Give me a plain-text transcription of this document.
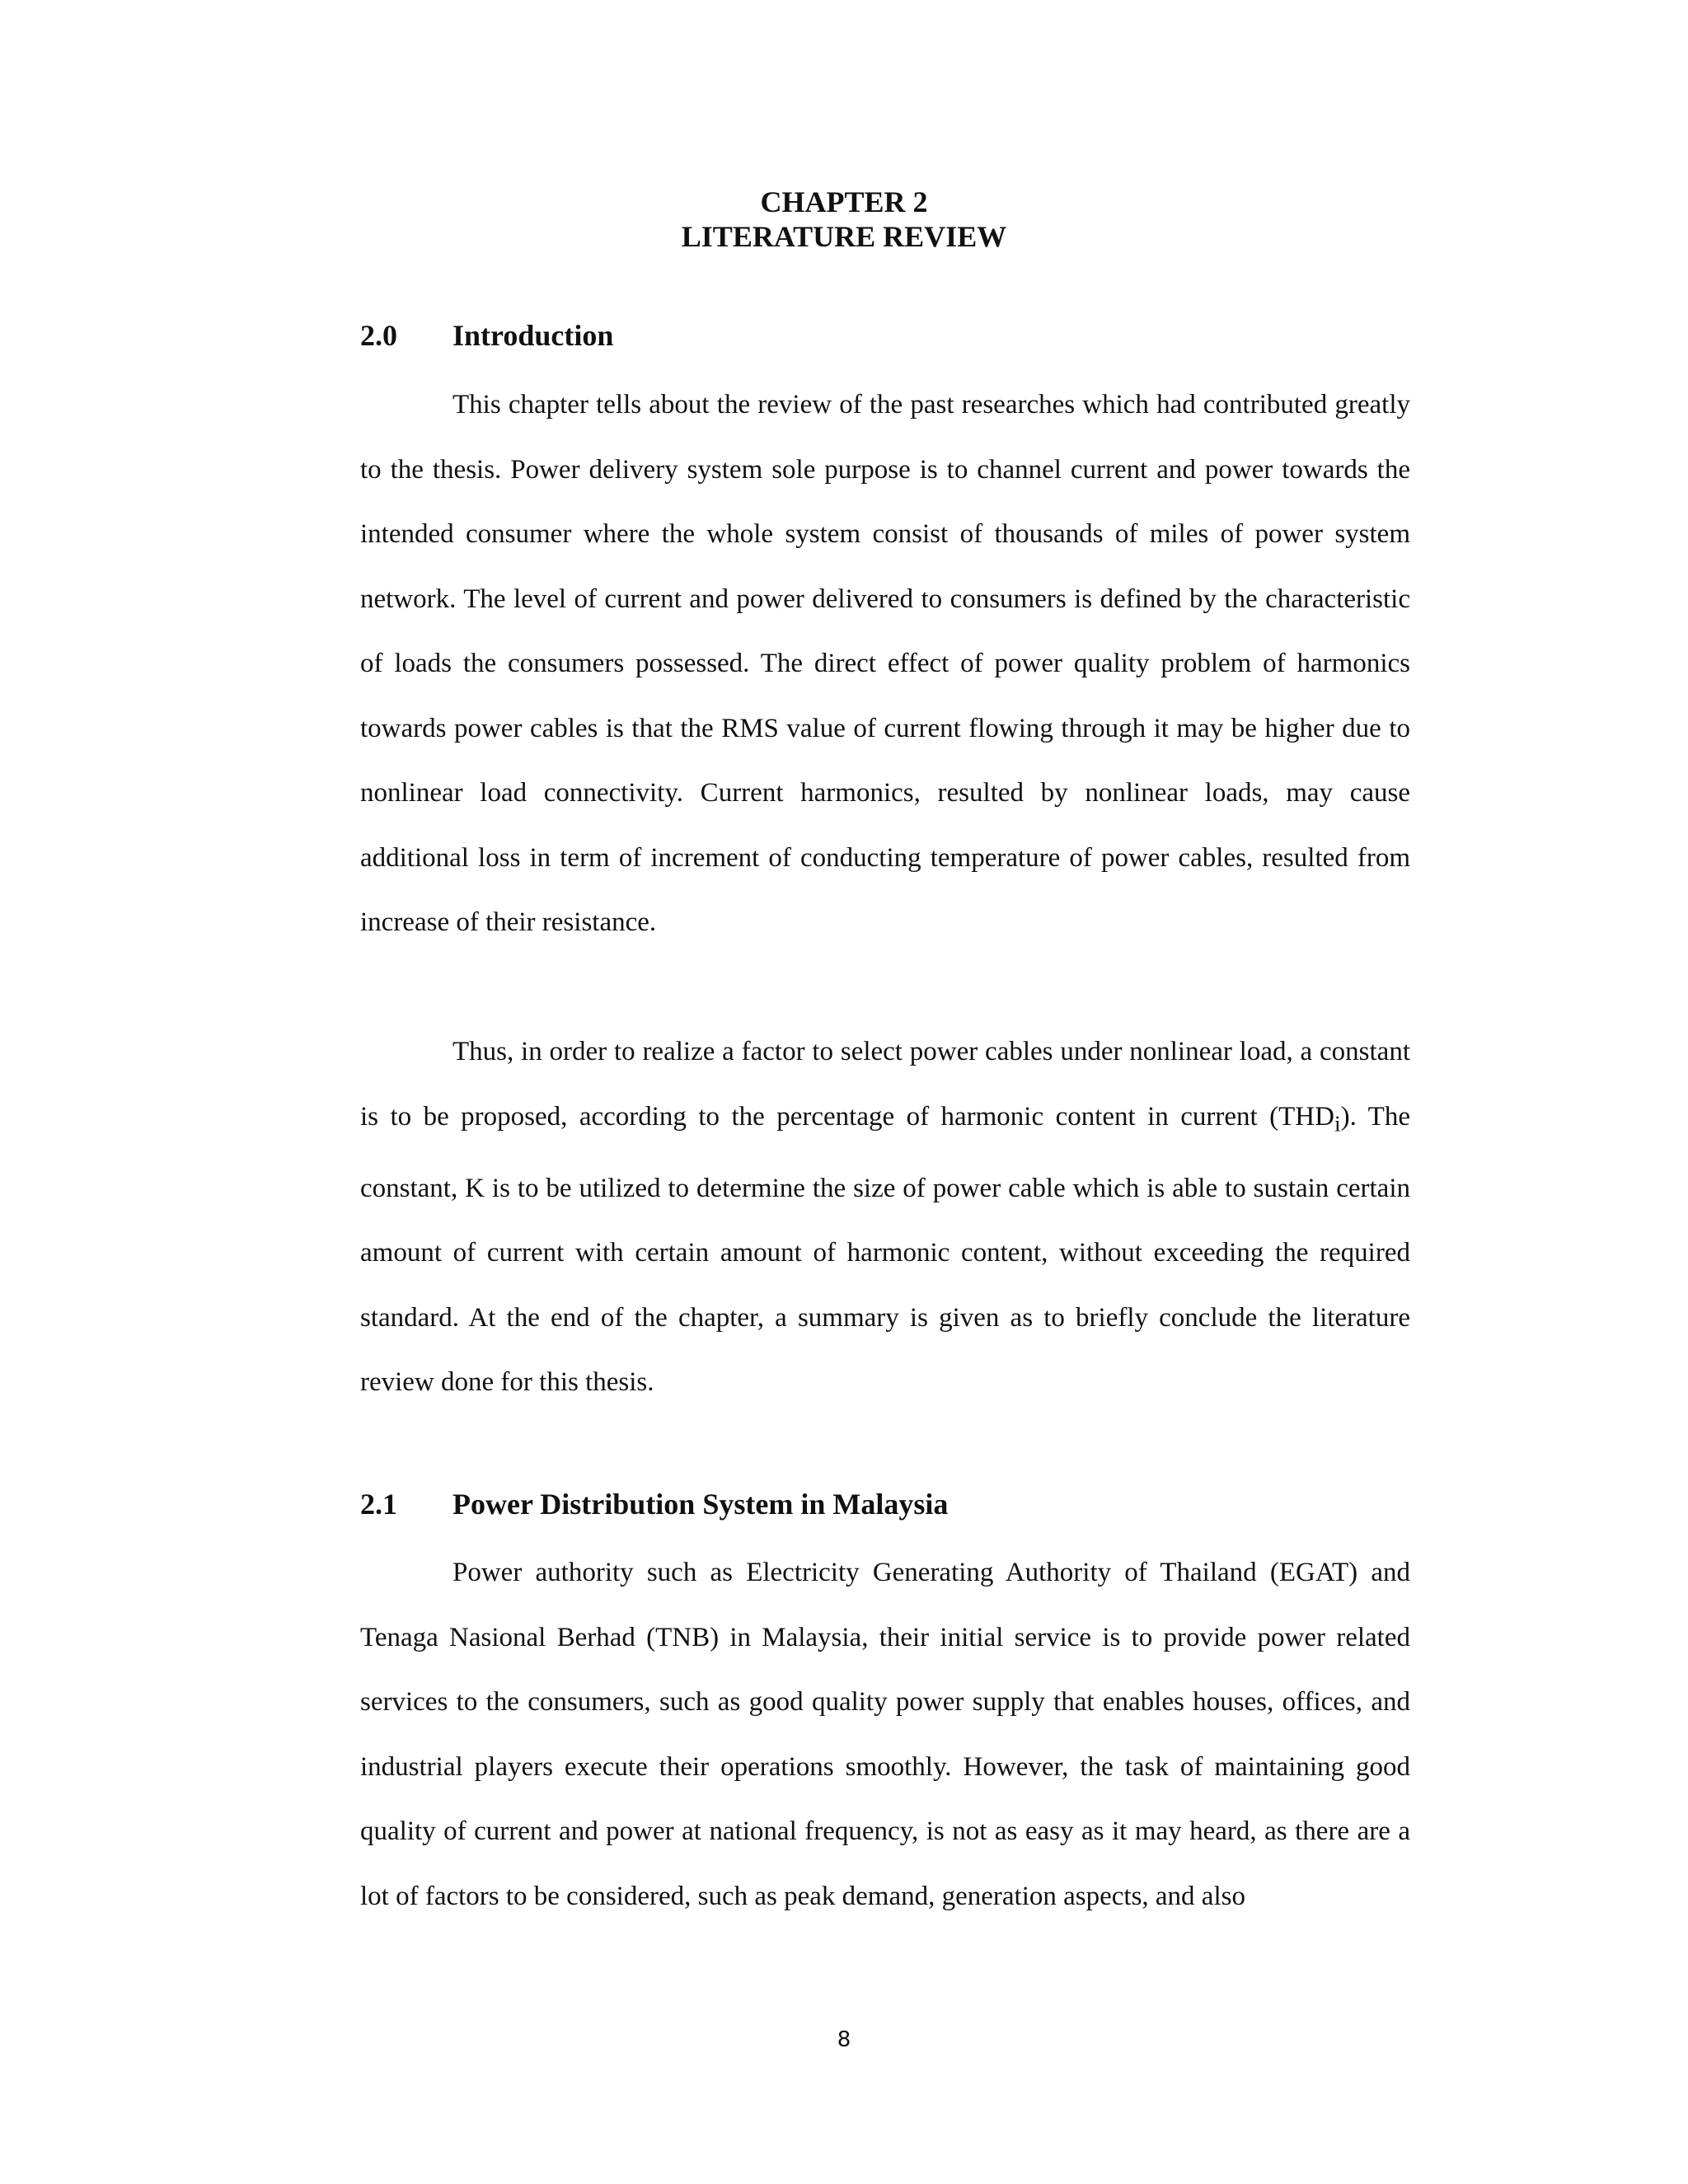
CHAPTER 2
LITERATURE REVIEW
2.0 Introduction

This chapter tells about the review of the past researches which had contributed greatly to the thesis. Power delivery system sole purpose is to channel current and power towards the intended consumer where the whole system consist of thousands of miles of power system network. The level of current and power delivered to consumers is defined by the characteristic of loads the consumers possessed. The direct effect of power quality problem of harmonics towards power cables is that the RMS value of current flowing through it may be higher due to nonlinear load connectivity. Current harmonics, resulted by nonlinear loads, may cause additional loss in term of increment of conducting temperature of power cables, resulted from increase of their resistance.

Thus, in order to realize a factor to select power cables under nonlinear load, a constant is to be proposed, according to the percentage of harmonic content in current $(THD_i)$. The constant, K is to be utilized to determine the size of power cable which is able to sustain certain amount of current with certain amount of harmonic content, without exceeding the required standard. At the end of the chapter, a summary is given as to briefly conclude the literature review done for this thesis.

2.1 Power Distribution System in Malaysia

Power authority such as Electricity Generating Authority of Thailand (EGAT) and Tenaga Nasional Berhad (TNB) in Malaysia, their initial service is to provide power related services to the consumers, such as good quality power supply that enables houses, offices, and industrial players execute their operations smoothly. However, the task of maintaining good quality of current and power at national frequency, is not as easy as it may heard, as there are a lot of factors to be considered, such as peak demand, generation aspects, and also

8
